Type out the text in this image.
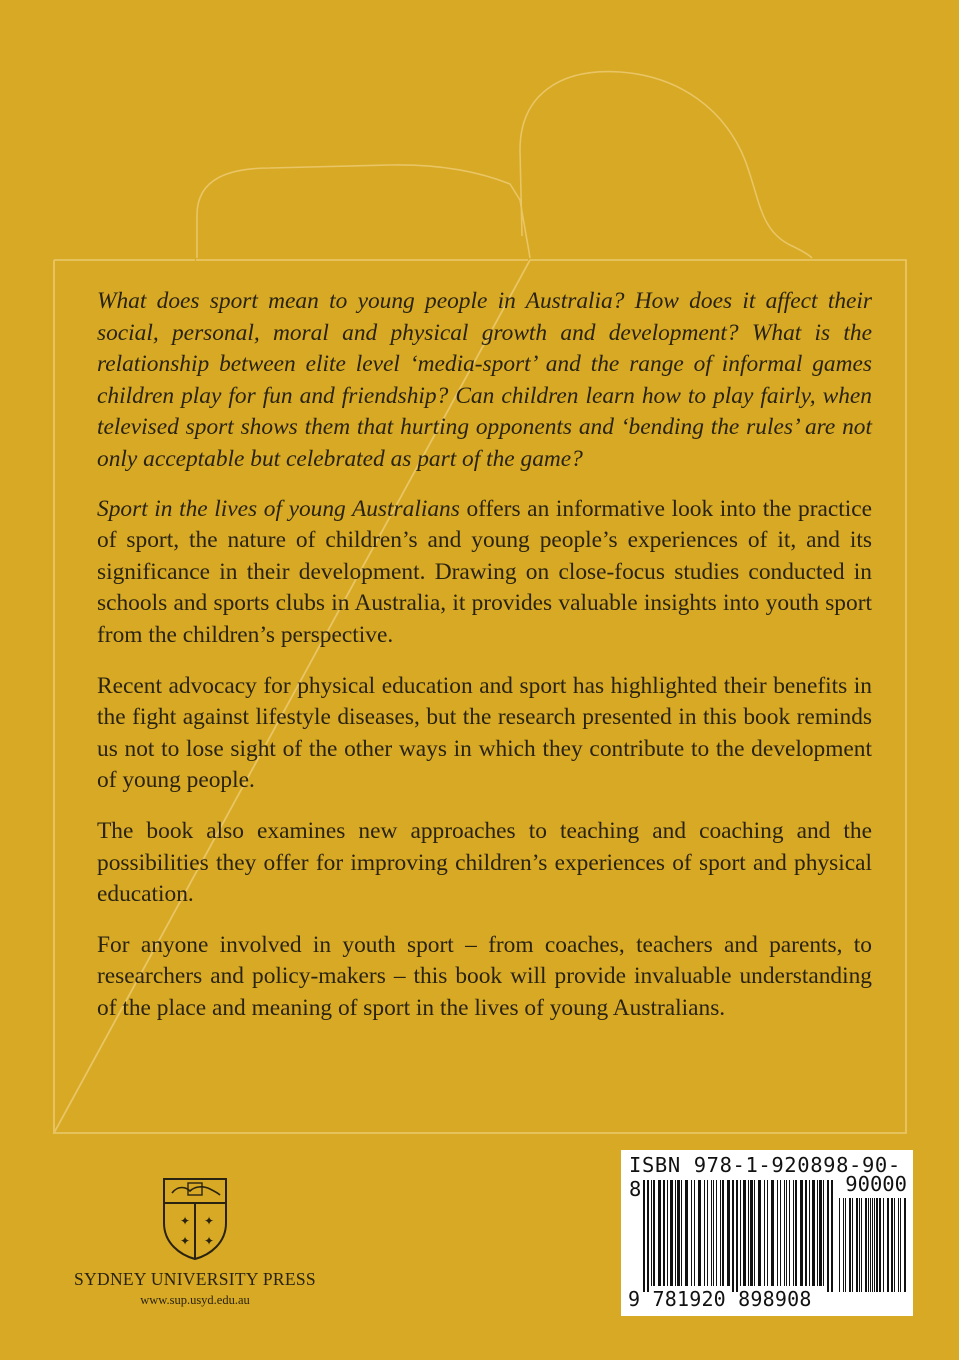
What does sport mean to young people in Australia? How does it affect their social, personal, moral and physical growth and development? What is the relationship between elite level ‘media-sport’ and the range of informal games children play for fun and friendship? Can children learn how to play fairly, when televised sport shows them that hurting opponents and ‘bending the rules’ are not only acceptable but celebrated as part of the game?

Sport in the lives of young Australians offers an informative look into the practice of sport, the nature of children’s and young people’s experiences of it, and its significance in their development. Drawing on close-focus studies conducted in schools and sports clubs in Australia, it provides valuable insights into youth sport from the children’s perspective.

Recent advocacy for physical education and sport has highlighted their benefits in the fight against lifestyle diseases, but the research presented in this book reminds us not to lose sight of the other ways in which they contribute to the development of young people.

The book also examines new approaches to teaching and coaching and the possibilities they offer for improving children’s experiences of sport and physical education.

For anyone involved in youth sport – from coaches, teachers and parents, to researchers and policy-makers – this book will provide invaluable understanding of the place and meaning of sport in the lives of young Australians.

✦ ✦
✦ ✦
SYDNEY UNIVERSITY PRESS
www.sup.usyd.edu.au
ISBN 978-1-920898-90-8	90000
9 781920 898908
